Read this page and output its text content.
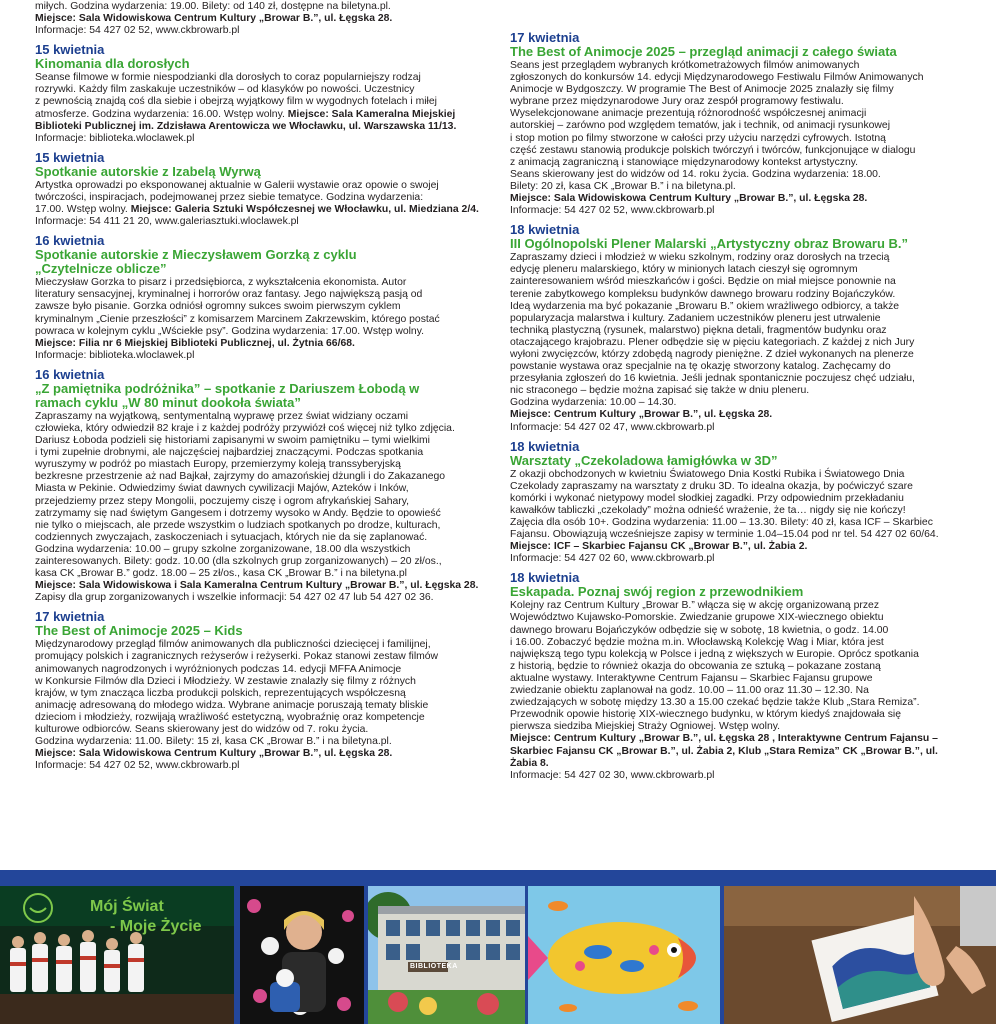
miłych. Godzina wydarzenia: 19.00. Bilety: od 140 zł, dostępne na biletyna.pl.
Miejsce: Sala Widowiskowa Centrum Kultury „Browar B.”, ul. Łęgska 28.
Informacje: 54 427 02 52, www.ckbrowarb.pl

15 kwietnia

Kinomania dla dorosłych

Seanse filmowe w formie niespodzianki dla dorosłych to coraz popularniejszy rodzaj
rozrywki. Każdy film zaskakuje uczestników – od klasyków po nowości. Uczestnicy
z pewnością znajdą coś dla siebie i obejrzą wyjątkowy film w wygodnych fotelach i miłej
atmosferze. Godzina wydarzenia: 16.00. Wstęp wolny. Miejsce: Sala Kameralna Miejskiej Biblioteki Publicznej im. Zdzisława Arentowicza we Włocławku, ul. Warszawska 11/13.
Informacje: biblioteka.wloclawek.pl

15 kwietnia

Spotkanie autorskie z Izabelą Wyrwą

Artystka oprowadzi po eksponowanej aktualnie w Galerii wystawie oraz opowie o swojej
twórczości, inspiracjach, podejmowanej przez siebie tematyce. Godzina wydarzenia:
17.00. Wstęp wolny. Miejsce: Galeria Sztuki Współczesnej we Włocławku, ul. Miedziana 2/4. Informacje: 54 411 21 20, www.galeriasztuki.wloclawek.pl

16 kwietnia

Spotkanie autorskie z Mieczysławem Gorzką z cyklu „Czytelnicze oblicze”

Mieczysław Gorzka to pisarz i przedsiębiorca, z wykształcenia ekonomista. Autor
literatury sensacyjnej, kryminalnej i horrorów oraz fantasy. Jego największą pasją od
zawsze było pisanie. Gorzka odniósł ogromny sukces swoim pierwszym cyklem
kryminalnym „Cienie przeszłości” z komisarzem Marcinem Zakrzewskim, którego postać
powraca w kolejnym cyklu „Wściekłe psy”. Godzina wydarzenia: 17.00. Wstęp wolny.
Miejsce: Filia nr 6 Miejskiej Biblioteki Publicznej, ul. Żytnia 66/68.
Informacje: biblioteka.wloclawek.pl

16 kwietnia

„Z pamiętnika podróżnika” – spotkanie z Dariuszem Łobodą w ramach cyklu „W 80 minut dookoła świata”

Zapraszamy na wyjątkową, sentymentalną wyprawę przez świat widziany oczami
człowieka, który odwiedził 82 kraje i z każdej podróży przywiózł coś więcej niż tylko zdjęcia.
Dariusz Łoboda podzieli się historiami zapisanymi w swoim pamiętniku – tymi wielkimi
i tymi zupełnie drobnymi, ale najczęściej najbardziej znaczącymi. Podczas spotkania
wyruszymy w podróż po miastach Europy, przemierzymy koleją transsyberyjską
bezkresne przestrzenie aż nad Bajkał, zajrzymy do amazońskiej dżungli i do Zakazanego
Miasta w Pekinie. Odwiedzimy świat dawnych cywilizacji Majów, Azteków i Inków,
przejedziemy przez stepy Mongolii, poczujemy ciszę i ogrom afrykańskiej Sahary,
zatrzymamy się nad świętym Gangesem i dotrzemy wysoko w Andy. Będzie to opowieść
nie tylko o miejscach, ale przede wszystkim o ludziach spotkanych po drodze, kulturach,
codziennych zwyczajach, zaskoczeniach i sytuacjach, których nie da się zaplanować.
Godzina wydarzenia: 10.00 – grupy szkolne zorganizowane, 18.00 dla wszystkich
zainteresowanych. Bilety: godz. 10.00 (dla szkolnych grup zorganizowanych) – 20 zł/os.,
kasa CK „Browar B.” godz. 18.00 – 25 zł/os., kasa CK „Browar B.” i na biletyna.pl
Miejsce: Sala Widowiskowa i Sala Kameralna Centrum Kultury „Browar B.”, ul. Łęgska 28.
Zapisy dla grup zorganizowanych i wszelkie informacji: 54 427 02 47 lub 54 427 02 36.

17 kwietnia

The Best of Animocje 2025 – Kids

Międzynarodowy przegląd filmów animowanych dla publiczności dziecięcej i familijnej,
promujący polskich i zagranicznych reżyserów i reżyserki. Pokaz stanowi zestaw filmów
animowanych nagrodzonych i wyróżnionych podczas 14. edycji MFFA Animocje
w Konkursie Filmów dla Dzieci i Młodzieży. W zestawie znalazły się filmy z różnych
krajów, w tym znacząca liczba produkcji polskich, reprezentujących współczesną
animację adresowaną do młodego widza. Wybrane animacje poruszają tematy bliskie
dzieciom i młodzieży, rozwijają wrażliwość estetyczną, wyobraźnię oraz kompetencje
kulturowe odbiorców. Seans skierowany jest do widzów od 7. roku życia.
Godzina wydarzenia: 11.00. Bilety: 15 zł, kasa CK „Browar B.” i na biletyna.pl.
Miejsce: Sala Widowiskowa Centrum Kultury „Browar B.”, ul. Łęgska 28.
Informacje: 54 427 02 52, www.ckbrowarb.pl

17 kwietnia

The Best of Animocje 2025 – przegląd animacji z całego świata

Seans jest przeglądem wybranych krótkometrażowych filmów animowanych
zgłoszonych do konkursów 14. edycji Międzynarodowego Festiwalu Filmów Animowanych
Animocje w Bydgoszczy. W programie The Best of Animocje 2025 znalazły się filmy
wybrane przez międzynarodowe Jury oraz zespół programowy festiwalu.
Wyselekcjonowane animacje prezentują różnorodność współczesnej animacji
autorskiej – zarówno pod względem tematów, jak i technik, od animacji rysunkowej
i stop motion po filmy stworzone w całości przy użyciu narzędzi cyfrowych. Istotną
część zestawu stanowią produkcje polskich twórczyń i twórców, funkcjonujące w dialogu
z animacją zagraniczną i stanowiące międzynarodowy kontekst artystyczny.
Seans skierowany jest do widzów od 14. roku życia. Godzina wydarzenia: 18.00.
Bilety: 20 zł, kasa CK „Browar B.” i na biletyna.pl.
Miejsce: Sala Widowiskowa Centrum Kultury „Browar B.”, ul. Łęgska 28.
Informacje: 54 427 02 52, www.ckbrowarb.pl

18 kwietnia

III Ogólnopolski Plener Malarski „Artystyczny obraz Browaru B.”

Zapraszamy dzieci i młodzież w wieku szkolnym, rodziny oraz dorosłych na trzecią
edycję pleneru malarskiego, który w minionych latach cieszył się ogromnym
zainteresowaniem wśród mieszkańców i gości. Będzie on miał miejsce ponownie na
terenie zabytkowego kompleksu budynków dawnego browaru rodziny Bojańczyków.
Ideą wydarzenia ma być pokazanie „Browaru B.” okiem wrażliwego odbiorcy, a także
popularyzacja malarstwa i kultury. Zadaniem uczestników pleneru jest utrwalenie
techniką plastyczną (rysunek, malarstwo) piękna detali, fragmentów budynku oraz
otaczającego krajobrazu. Plener odbędzie się w pięciu kategoriach. Z każdej z nich Jury
wyłoni zwycięzców, którzy zdobędą nagrody pieniężne. Z dzieł wykonanych na plenerze
powstanie wystawa oraz specjalnie na tę okazję stworzony katalog. Zachęcamy do
przesyłania zgłoszeń do 16 kwietnia. Jeśli jednak spontanicznie poczujesz chęć udziału,
nic straconego – będzie można zapisać się także w dniu pleneru.
Godzina wydarzenia: 10.00 – 14.30.
Miejsce: Centrum Kultury „Browar B.”, ul. Łęgska 28.
Informacje: 54 427 02 47, www.ckbrowarb.pl

18 kwietnia

Warsztaty „Czekoladowa łamigłówka w 3D”

Z okazji obchodzonych w kwietniu Światowego Dnia Kostki Rubika i Światowego Dnia
Czekolady zapraszamy na warsztaty z druku 3D. To idealna okazja, by poćwiczyć szare
komórki i wykonać nietypowy model słodkiej zagadki. Przy odpowiednim przekładaniu
kawałków tabliczki „czekolady” można odnieść wrażenie, że ta… nigdy się nie kończy!
Zajęcia dla osób 10+. Godzina wydarzenia: 11.00 – 13.30. Bilety: 40 zł, kasa ICF – Skarbiec
Fajansu. Obowiązują wcześniejsze zapisy w terminie 1.04–15.04 pod nr tel. 54 427 02 60/64.
Miejsce: ICF – Skarbiec Fajansu CK „Browar B.”, ul. Żabia 2.
Informacje: 54 427 02 60, www.ckbrowarb.pl

18 kwietnia

Eskapada. Poznaj swój region z przewodnikiem

Kolejny raz Centrum Kultury „Browar B.” włącza się w akcję organizowaną przez
Województwo Kujawsko-Pomorskie. Zwiedzanie grupowe XIX-wiecznego obiektu
dawnego browaru Bojańczyków odbędzie się w sobotę, 18 kwietnia, o godz. 14.00
i 16.00. Zobaczyć będzie można m.in. Włocławską Kolekcję Wag i Miar, która jest
największą tego typu kolekcją w Polsce i jedną z większych w Europie. Oprócz spotkania
z historią, będzie to również okazja do obcowania ze sztuką – pokazane zostaną
aktualne wystawy. Interaktywne Centrum Fajansu – Skarbiec Fajansu grupowe
zwiedzanie obiektu zaplanował na godz. 10.00 – 11.00 oraz 11.30 – 12.30. Na
zwiedzających w sobotę między 13.30 a 15.00 czekać będzie także Klub „Stara Remiza”.
Przewodnik opowie historię XIX-wiecznego budynku, w którym kiedyś znajdowała się
pierwsza siedziba Miejskiej Straży Ogniowej. Wstęp wolny.
Miejsce: Centrum Kultury „Browar B.”, ul. Łęgska 28 , Interaktywne Centrum Fajansu – Skarbiec Fajansu CK „Browar B.”, ul. Żabia 2, Klub „Stara Remiza” CK „Browar B.”, ul. Żabia 8. Informacje: 54 427 02 30, www.ckbrowarb.pl

Mój Świat
- Moje Życie
BIBLIOTEKA
